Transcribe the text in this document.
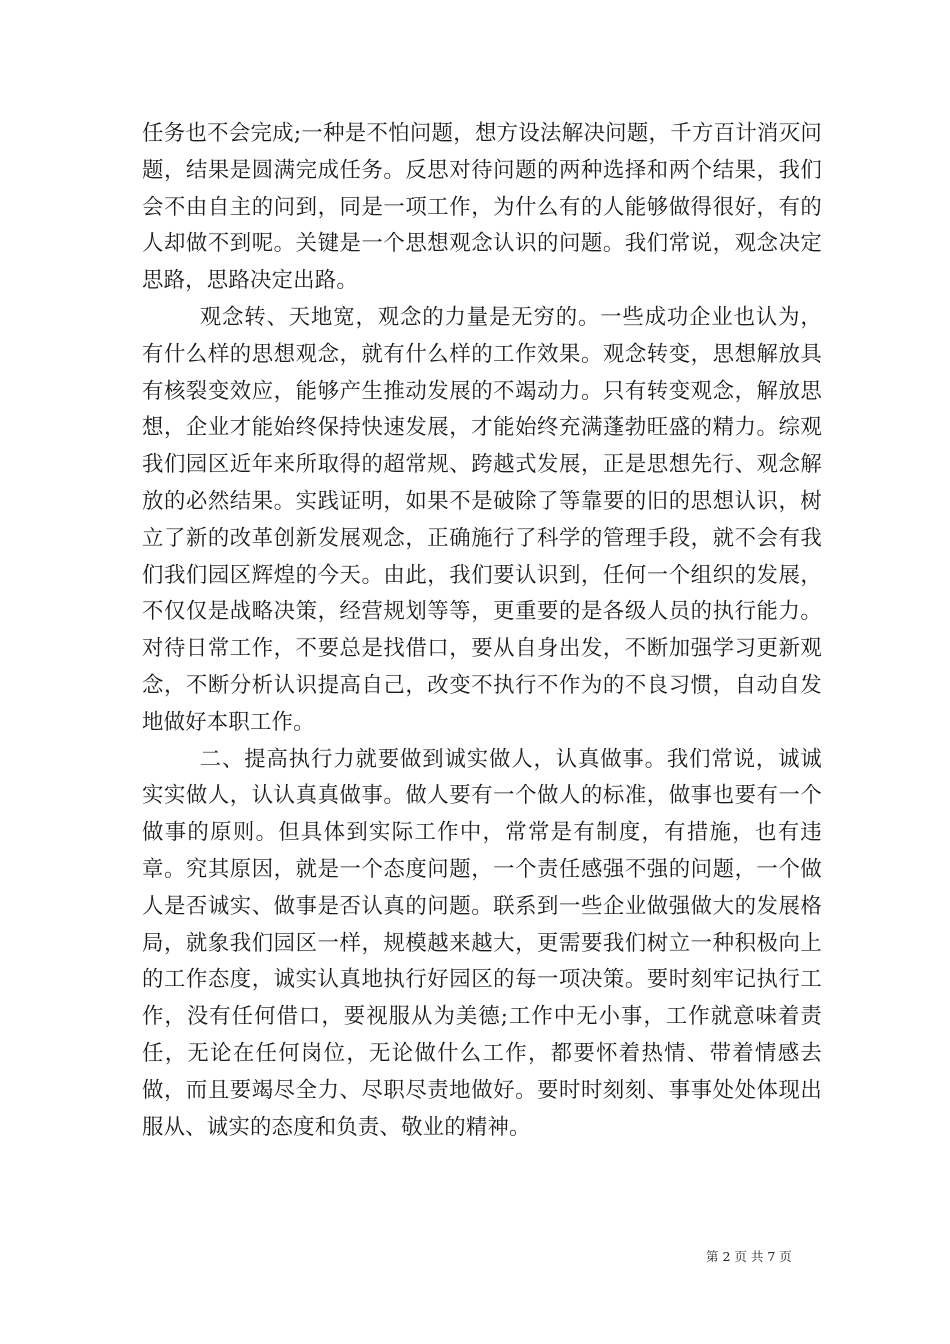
任务也不会完成;一种是不怕问题，想方设法解决问题，千方百计消灭问题，结果是圆满完成任务。反思对待问题的两种选择和两个结果，我们会不由自主的问到，同是一项工作，为什么有的人能够做得很好，有的人却做不到呢。关键是一个思想观念认识的问题。我们常说，观念决定思路，思路决定出路。

观念转、天地宽，观念的力量是无穷的。一些成功企业也认为，有什么样的思想观念，就有什么样的工作效果。观念转变，思想解放具有核裂变效应，能够产生推动发展的不竭动力。只有转变观念，解放思想，企业才能始终保持快速发展，才能始终充满蓬勃旺盛的精力。综观我们园区近年来所取得的超常规、跨越式发展，正是思想先行、观念解放的必然结果。实践证明，如果不是破除了等靠要的旧的思想认识，树立了新的改革创新发展观念，正确施行了科学的管理手段，就不会有我们我们园区辉煌的今天。由此，我们要认识到，任何一个组织的发展，不仅仅是战略决策，经营规划等等，更重要的是各级人员的执行能力。对待日常工作，不要总是找借口，要从自身出发，不断加强学习更新观念，不断分析认识提高自己，改变不执行不作为的不良习惯，自动自发地做好本职工作。

二、提高执行力就要做到诚实做人，认真做事。我们常说，诚诚实实做人，认认真真做事。做人要有一个做人的标准，做事也要有一个做事的原则。但具体到实际工作中，常常是有制度，有措施，也有违章。究其原因，就是一个态度问题，一个责任感强不强的问题，一个做人是否诚实、做事是否认真的问题。联系到一些企业做强做大的发展格局，就象我们园区一样，规模越来越大，更需要我们树立一种积极向上的工作态度，诚实认真地执行好园区的每一项决策。要时刻牢记执行工作，没有任何借口，要视服从为美德;工作中无小事，工作就意味着责任，无论在任何岗位，无论做什么工作，都要怀着热情、带着情感去做，而且要竭尽全力、尽职尽责地做好。要时时刻刻、事事处处体现出服从、诚实的态度和负责、敬业的精神。

第 2 页 共 7 页
